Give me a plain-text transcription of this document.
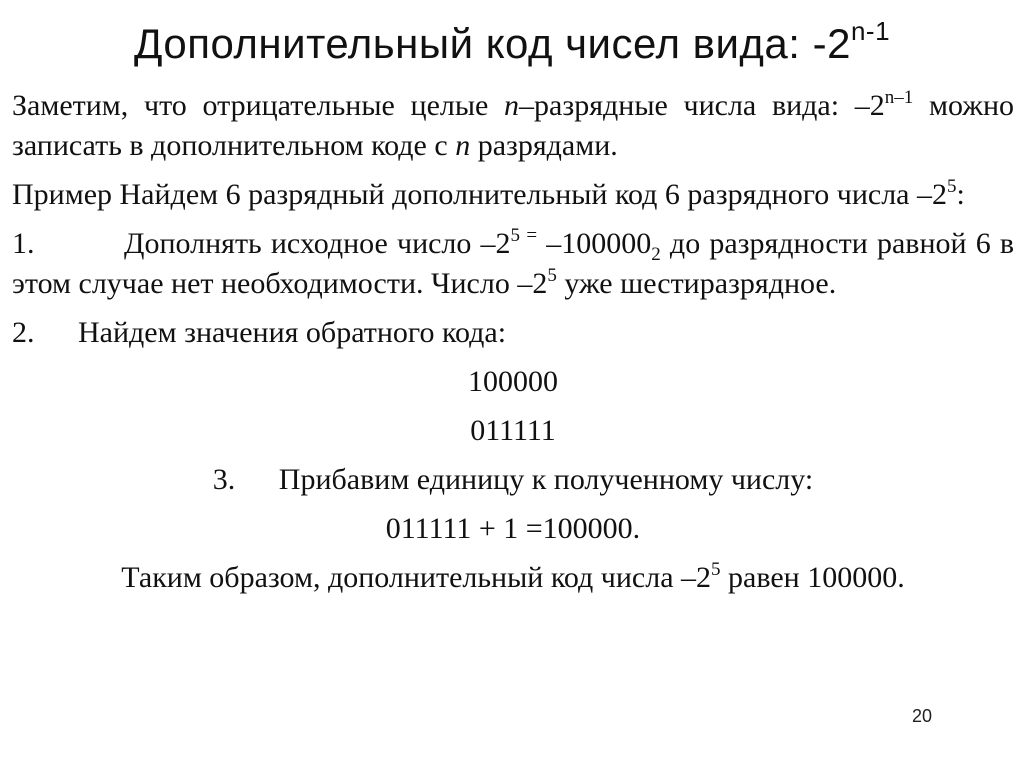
Дополнительный код чисел вида: -2$^{n-1}$

Заметим, что отрицательные целые n–разрядные числа вида: –2$^{n-1}$ можно записать в дополнительном коде с n разрядами.

Пример Найдем 6 разрядный дополнительный код 6 разрядного числа $-2^5$:

1.	Дополнять исходное число $-2^{5 =}$ $-100000_2$ до разрядности равной 6 в этом случае нет необходимости. Число $-2^5$ уже шестиразрядное.

2. Найдем значения обратного кода:

100000

011111

3. Прибавим единицу к полученному числу:

011111 + 1 =100000.

Таким образом, дополнительный код числа $-2^5$ равен 100000.

20
